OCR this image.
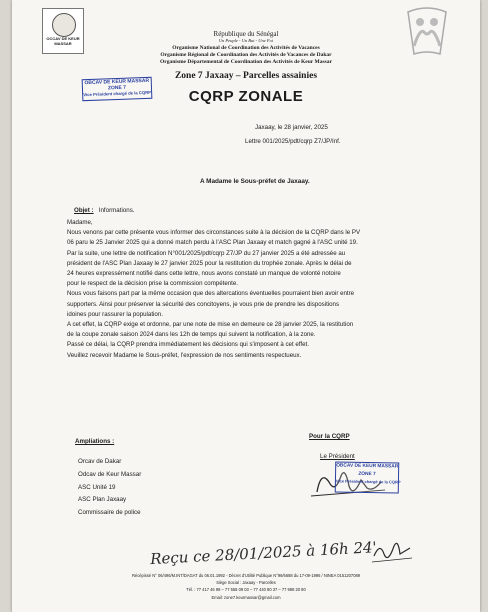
OCCAV DE KEUR MASSAR
République du Sénégal
Un Peuple - Un But - Une Foi
Organisme National de Coordination des Activités de Vacances
Organisme Régional de Coordination des Activités de Vacances de Dakar
Organisme Départemental de Coordination des Activités de Keur Massar
Zone 7 Jaxaay – Parcelles assainies
CQRP ZONALE
OBCAV DE KEUR MASSAR
ZONE 7
Vice Président chargé de la CQRP
Jaxaay, le 28 janvier, 2025
Lettre 001/2025/pdt/cqrp Z7/JP/Inf.
A Madame le Sous-préfet de Jaxaay.
Objet : Informations.
Madame,
Nous venons par cette présente vous informer des circonstances suite à la décision de la CQRP dans le PV
06 paru le 25 Janvier 2025 qui a donné match perdu à l'ASC Plan Jaxaay et match gagné à l'ASC unité 19.
Par la suite, une lettre de notification N°001/2025/pdt/cqrp Z7/JP du 27 janvier 2025 a été adressée au
président de l'ASC Plan Jaxaay le 27 janvier 2025 pour la restitution du trophée zonale. Après le délai de
24 heures expressément notifié dans cette lettre, nous avons constaté un manque de volonté notoire
pour le respect de la décision prise la commission compétente.
Nous vous faisons part par la même occasion que des altercations éventuelles pourraient bien avoir entre
supporters. Ainsi pour préserver la sécurité des concitoyens, je vous prie de prendre les dispositions
idoines pour rassurer la population.
A cet effet, la CQRP exige et ordonne, par une note de mise en demeure ce 28 janvier 2025, la restitution
de la coupe zonale saison 2024 dans les 12h de temps qui suivent la notification, à la zone.
Passé ce délai, la CQRP prendra immédiatement les décisions qui s'imposent à cet effet.
Veuillez recevoir Madame le Sous-préfet, l'expression de nos sentiments respectueux.
Ampliations :
Orcav de Dakar
Odcav de Keur Massar
ASC Unité 19
ASC Plan Jaxaay
Commissaire de police
Pour la CQRP
Le Président
OBCAV DE KEUR MASSAR
ZONE 7
Vice Président chargé de la CQRP
Reçu ce 28/01/2025 à 16h 24'
Récépissé N° 06/496/M.INT/DAGAT du 06.01.1992 - Décret d'Utilité Publique N°96/6688 du 17-09-1996 / NINEA 0151207089
Siège Social : Jaxaay - Parcelles
Tél. : 77 417 46 98 – 77 558 09 03 – 77 440 80 37 – 77 988 20 80
Email: zone7.keurmassar@gmail.com
